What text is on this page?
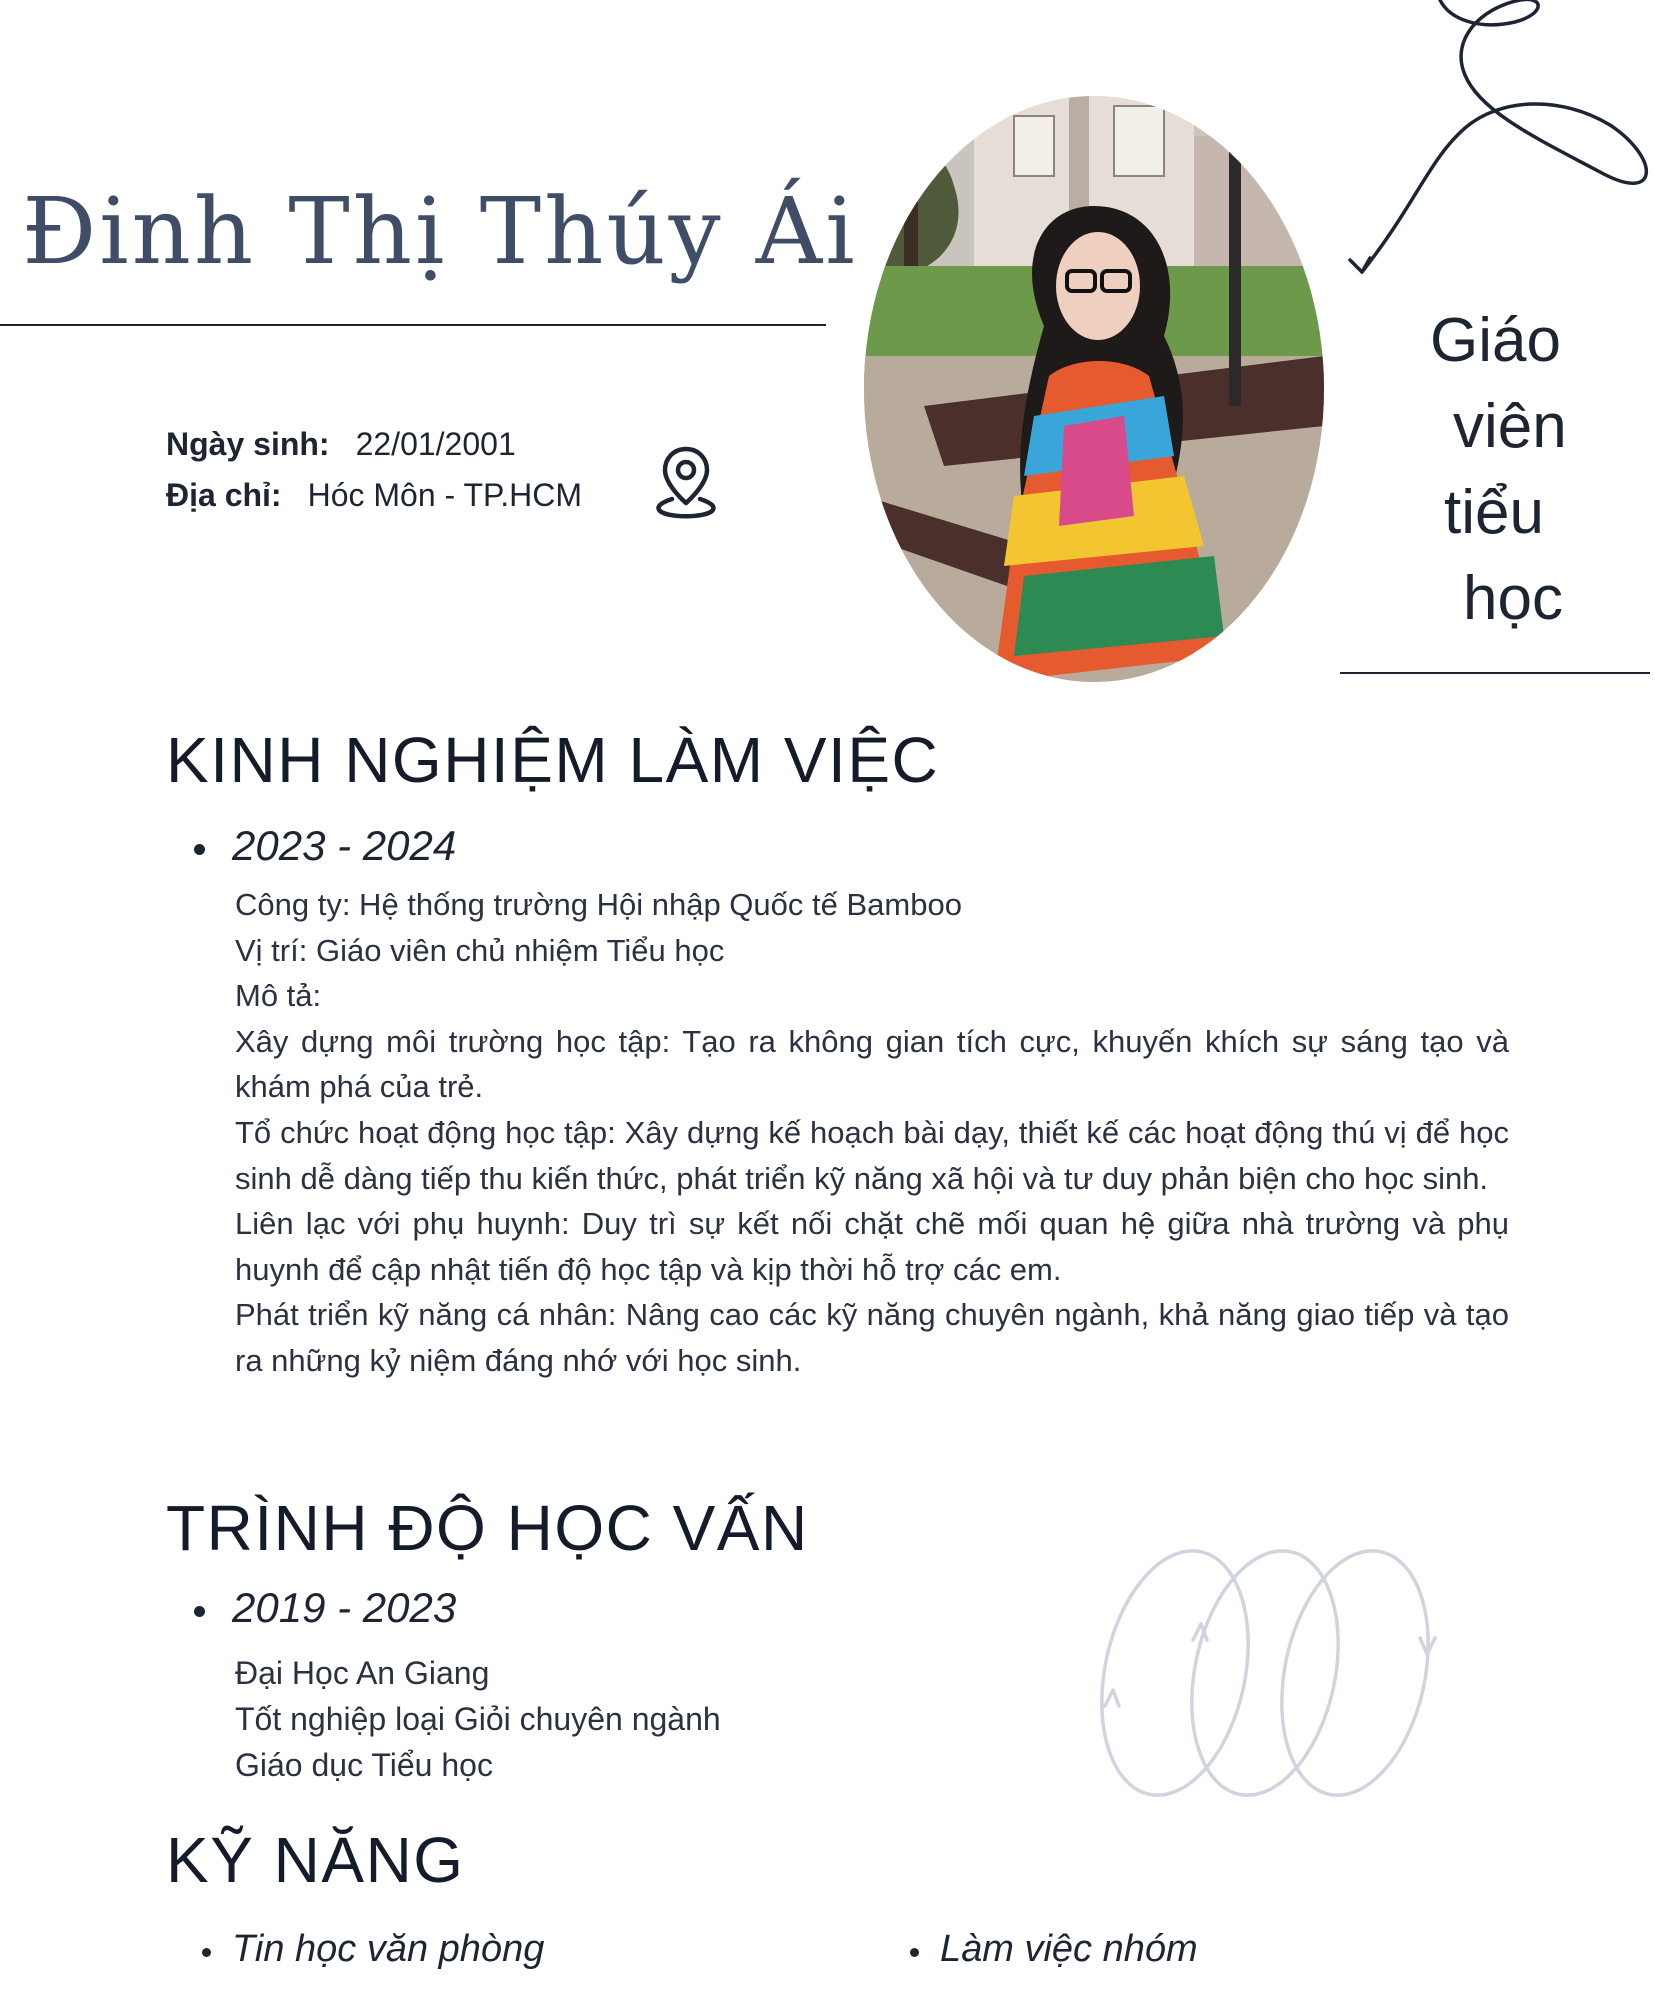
Đinh Thị Thúy Ái
Ngày sinh: 22/01/2001
Địa chỉ: Hóc Môn - TP.HCM
Giáo
viên
tiểu
học
KINH NGHIỆM LÀM VIỆC
2023 - 2024

Công ty: Hệ thống trường Hội nhập Quốc tế Bamboo

Vị trí: Giáo viên chủ nhiệm Tiểu học

Mô tả:

Xây dựng môi trường học tập: Tạo ra không gian tích cực, khuyến khích sự sáng tạo và khám phá của trẻ.

Tổ chức hoạt động học tập: Xây dựng kế hoạch bài dạy, thiết kế các hoạt động thú vị để học sinh dễ dàng tiếp thu kiến thức, phát triển kỹ năng xã hội và tư duy phản biện cho học sinh.

Liên lạc với phụ huynh: Duy trì sự kết nối chặt chẽ mối quan hệ giữa nhà trường và phụ huynh để cập nhật tiến độ học tập và kịp thời hỗ trợ các em.

Phát triển kỹ năng cá nhân: Nâng cao các kỹ năng chuyên ngành, khả năng giao tiếp và tạo ra những kỷ niệm đáng nhớ với học sinh.

TRÌNH ĐỘ HỌC VẤN
2019 - 2023
Đại Học An Giang
Tốt nghiệp loại Giỏi chuyên ngành
Giáo dục Tiểu học
KỸ NĂNG
Tin học văn phòng	Làm việc nhóm
